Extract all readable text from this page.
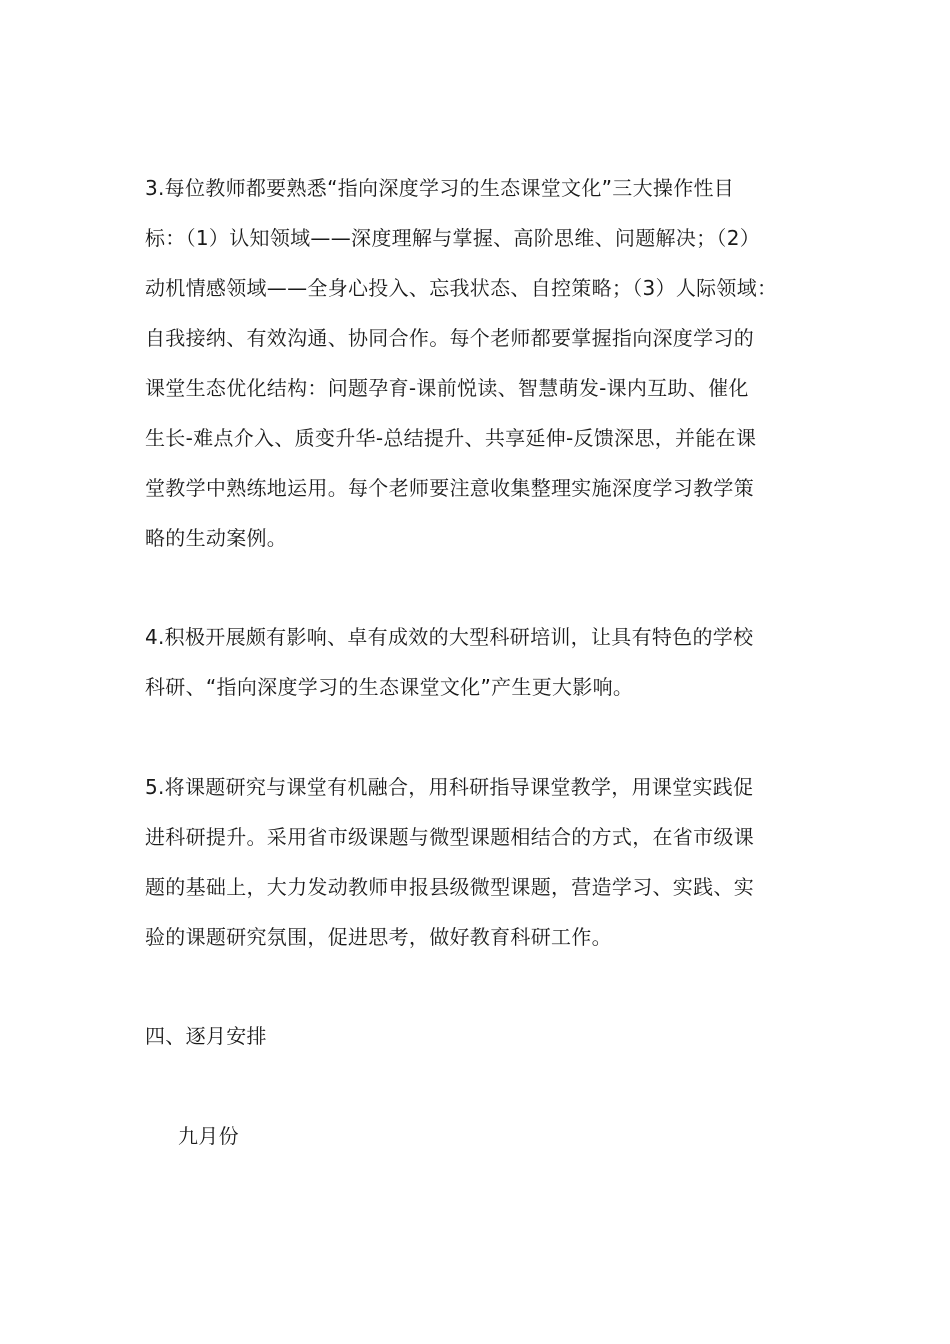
3.每位教师都要熟悉“指向深度学习的生态课堂文化”三大操作性目
标：（1）认知领域——深度理解与掌握、高阶思维、问题解决；（2）
动机情感领域——全身心投入、忘我状态、自控策略；（3）人际领域：
自我接纳、有效沟通、协同合作。每个老师都要掌握指向深度学习的
课堂生态优化结构：问题孕育-课前悦读、智慧萌发-课内互助、催化
生长-难点介入、质变升华-总结提升、共享延伸-反馈深思，并能在课
堂教学中熟练地运用。每个老师要注意收集整理实施深度学习教学策
略的生动案例。

4.积极开展颇有影响、卓有成效的大型科研培训，让具有特色的学校
科研、“指向深度学习的生态课堂文化”产生更大影响。

5.将课题研究与课堂有机融合，用科研指导课堂教学，用课堂实践促
进科研提升。采用省市级课题与微型课题相结合的方式，在省市级课
题的基础上，大力发动教师申报县级微型课题，营造学习、实践、实
验的课题研究氛围，促进思考，做好教育科研工作。

四、逐月安排

九月份
